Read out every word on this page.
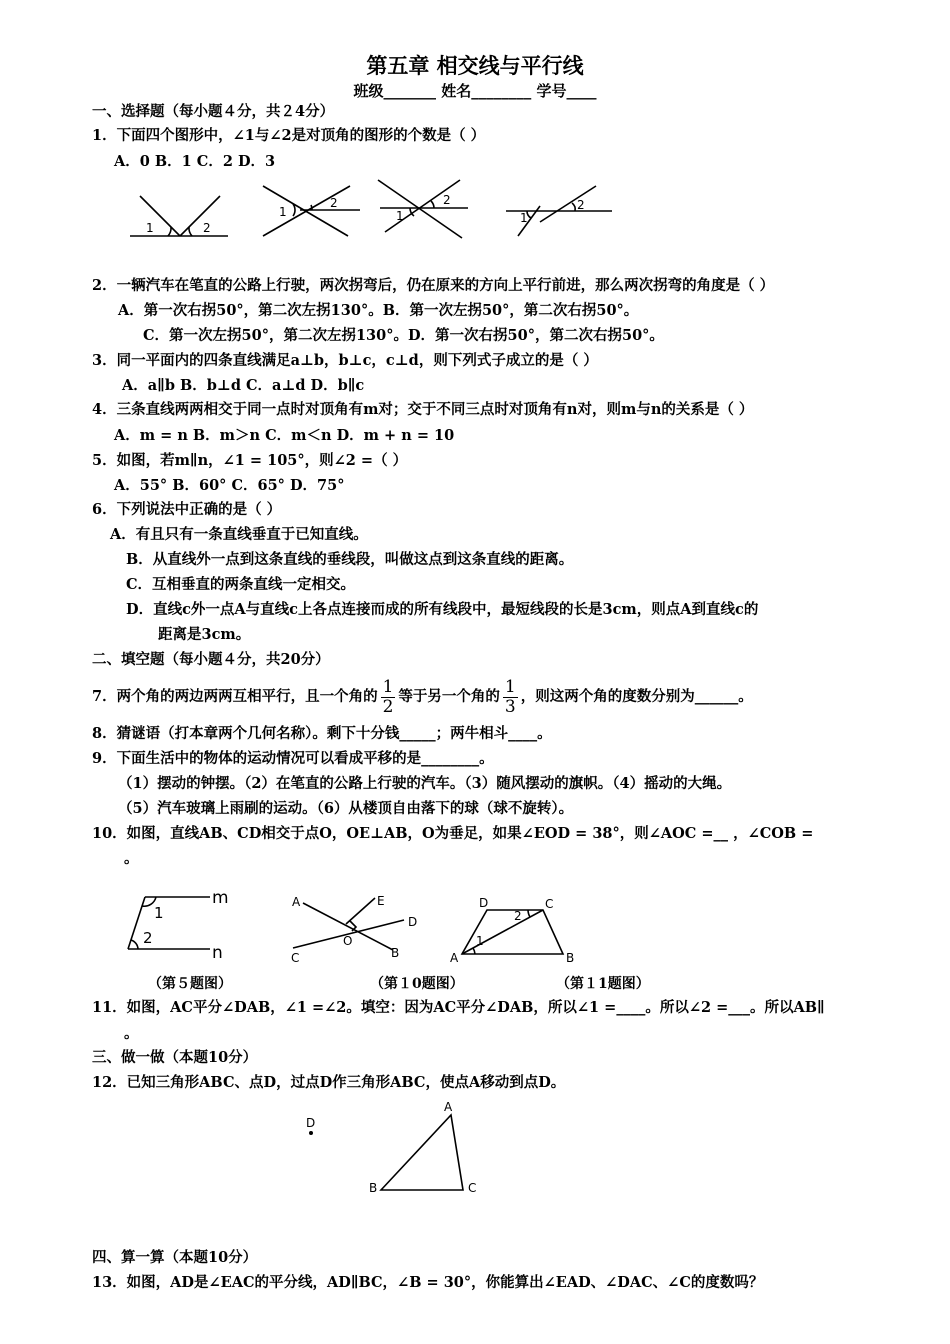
第五章 相交线与平行线
班级_______ 姓名________ 学号____
一、选择题（每小题４分，共２4分）
1．下面四个图形中，∠1与∠2是对顶角的图形的个数是（ ）
A．0 B．1 C．2 D．3
1	2
1
2
1
2
1
2
2．一辆汽车在笔直的公路上行驶，两次拐弯后，仍在原来的方向上平行前进，那么两次拐弯的角度是（ ）
A．第一次右拐50°，第二次左拐130°。B．第一次左拐50°，第二次右拐50°。
C．第一次左拐50°，第二次左拐130°。D．第一次右拐50°，第二次右拐50°。
3．同一平面内的四条直线满足a⊥b，b⊥c，c⊥d，则下列式子成立的是（ ）
A．a∥b B．b⊥d C．a⊥d D．b∥c
4．三条直线两两相交于同一点时对顶角有m对；交于不同三点时对顶角有n对，则m与n的关系是（ ）
A．m = n B．m＞n C．m＜n D．m + n = 10
5．如图，若m∥n，∠1 = 105°，则∠2 =（ ）
A．55° B．60° C．65° D．75°
6．下列说法中正确的是（ ）
A．有且只有一条直线垂直于已知直线。
B．从直线外一点到这条直线的垂线段，叫做这点到这条直线的距离。
C．互相垂直的两条直线一定相交。
D．直线c外一点A与直线c上各点连接而成的所有线段中，最短线段的长是3cm，则点A到直线c的
距离是3cm。
二、填空题（每小题４分，共20分）
7．两个角的两边两两互相平行，且一个角的 $\frac{1}{2}$ 等于另一个角的 $\frac{1}{3}$ ，则这两个角的度数分别为______。
8．猜谜语（打本章两个几何名称）。剩下十分钱_____；两牛相斗____。
9．下面生活中的物体的运动情况可以看成平移的是________。
（1）摆动的钟摆。（2）在笔直的公路上行驶的汽车。（3）随风摆动的旗帜。（4）摇动的大绳。
（5）汽车玻璃上雨刷的运动。（6）从楼顶自由落下的球（球不旋转）。
10．如图，直线AB、CD相交于点O，OE⊥AB，O为垂足，如果∠EOD = 38°，则∠AOC =__ ，∠COB =
。
m
n
1
2
A	E
D
C
O
B
D	C
A	B
1
2
（第５题图）	（第１0题图）	（第１1题图）
11．如图，AC平分∠DAB，∠1 =∠2。填空：因为AC平分∠DAB，所以∠1 =____。所以∠2 =___。所以AB∥
。
三、做一做（本题10分）
12．已知三角形ABC、点D，过点D作三角形ABC，使点A移动到点D。
D
A
B	C
四、算一算（本题10分）
13．如图，AD是∠EAC的平分线，AD∥BC，∠B = 30°，你能算出∠EAD、∠DAC、∠C的度数吗？
